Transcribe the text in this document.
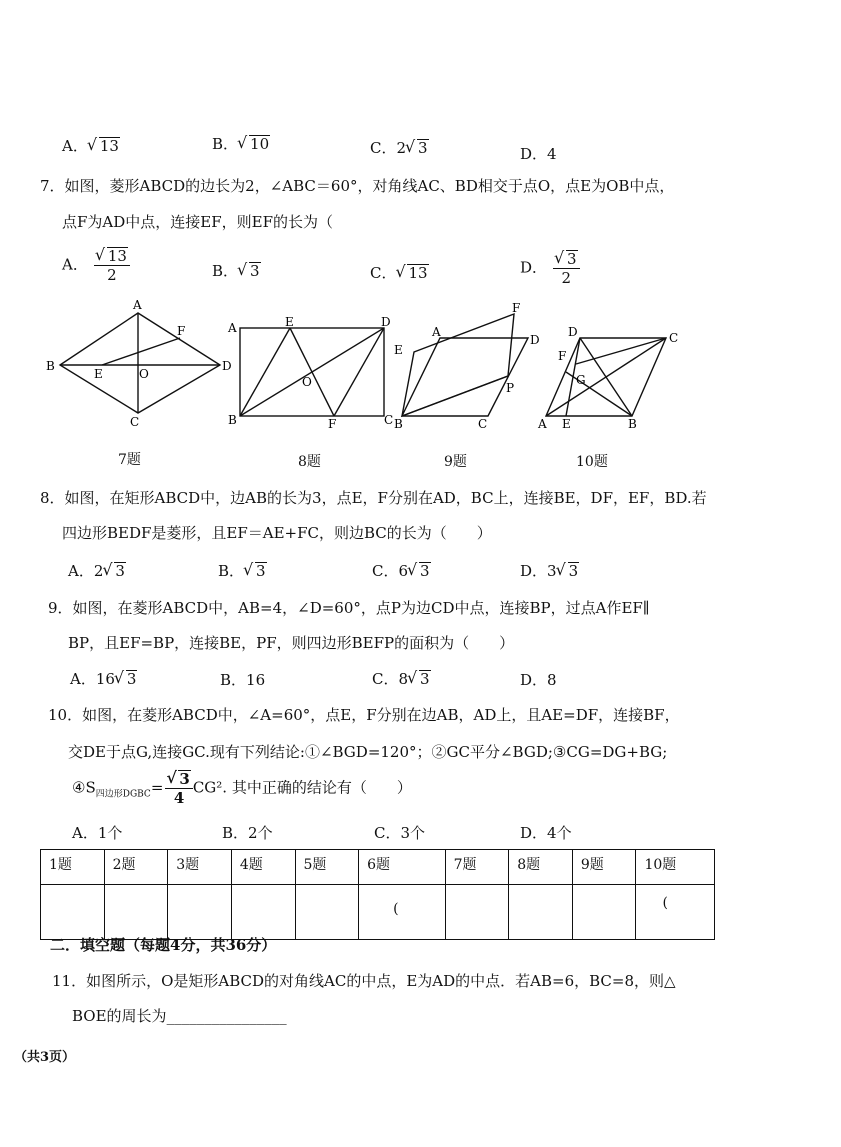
A． √ 13	B． √ 10	C．2 √ 3	D．4
7．如图，菱形ABCD的边长为2，∠ABC＝60°，对角线AC、BD相交于点O，点E为OB中点，
点F为AD中点，连接EF，则EF的长为（
A． √ $\frac{13}{2}$	B． √ 3	C． √ 13	D． √ $\frac{3}{2}$
A
F
B
E	O
D
C
7题
A	E	D
O
B	F	C
8题
F
A
D
E
P
B	C
9题
D	C
F
G
A E	B
10题
8．如图，在矩形ABCD中，边AB的长为3，点E，F分别在AD，BC上，连接BE，DF，EF，BD.若
四边形BEDF是菱形，且EF＝AE+FC，则边BC的长为（　　）
A．2 √ 3	B． √ 3	C．6 √ 3	D．3 √ 3
9．如图，在菱形ABCD中，AB=4，∠D=60°，点P为边CD中点，连接BP，过点A作EF∥
BP，且EF=BP，连接BE，PF，则四边形BEFP的面积为（　　）
A．16 √ 3	B．16	C．8 √ 3	D．8
10．如图，在菱形ABCD中，∠A=60°，点E，F分别在边AB，AD上，且AE=DF，连接BF，
交DE于点G,连接GC.现有下列结论:①∠BGD=120°；②GC平分∠BGD;③CG=DG+BG;
$④S_{四边形DGBC}=$ √ $\frac{3}{4} CG^2$. 其中正确的结论有（　　）
A．1个	B．2个	C．3个	D．4个
1题	2题	3题	4题	5题	6题	7题	8题	9题	10题
					(				(
二．填空题（每题4分，共36分）
11．如图所示，O是矩形ABCD的对角线AC的中点，E为AD的中点．若AB=6，BC=8，则△
BOE的周长为________________
（共3页）
